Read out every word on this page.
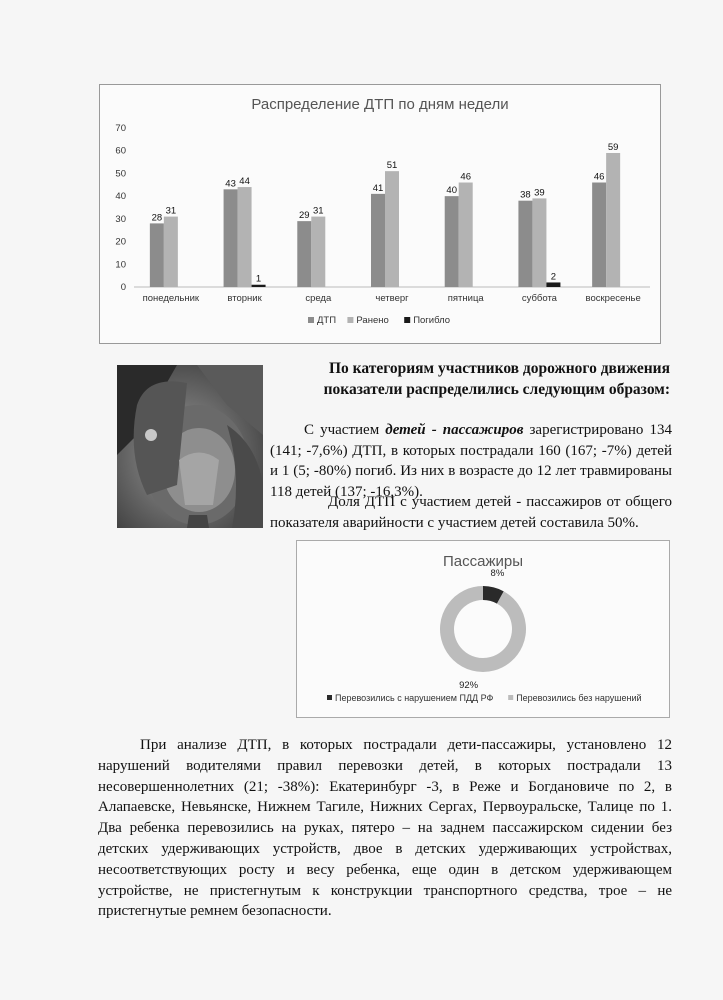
Распределение ДТП по дням недели
0
10
20
30
40
50
60
70
понедельник
28
31
вторник
43 44
1
среда
29 31
четверг
41
51
пятница
40
46
суббота
38 39
2
воскресенье
46
59
ДТП Ранено	Погибло
По категориям участников дорожного движения
показатели распределились следующим образом:
С участием детей - пассажиров зарегистрировано 134 (141; -7,6%) ДТП, в которых пострадали 160 (167; -7%) детей и 1 (5; -80%) погиб. Из них в возрасте до 12 лет травмированы 118 детей (137; -16,3%).
Доля ДТП с участием детей - пассажиров от общего показателя аварийности с участием детей составила 50%.
Пассажиры
8%
92%
Перевозились с нарушением ПДД РФ	Перевозились без нарушений

При анализе ДТП, в которых пострадали дети-пассажиры, установлено 12 нарушений водителями правил перевозки детей, в которых пострадали 13 несовершеннолетних (21; -38%): Екатеринбург -3, в Реже и Богдановиче по 2, в Алапаевске, Невьянске, Нижнем Тагиле, Нижних Сергах, Первоуральске, Талице по 1. Два ребенка перевозились на руках, пятеро – на заднем пассажирском сидении без детских удерживающих устройств, двое в детских удерживающих устройствах, несоответствующих росту и весу ребенка, еще один в детском удерживающем устройстве, не пристегнутым к конструкции транспортного средства, трое – не пристегнутые ремнем безопасности.
